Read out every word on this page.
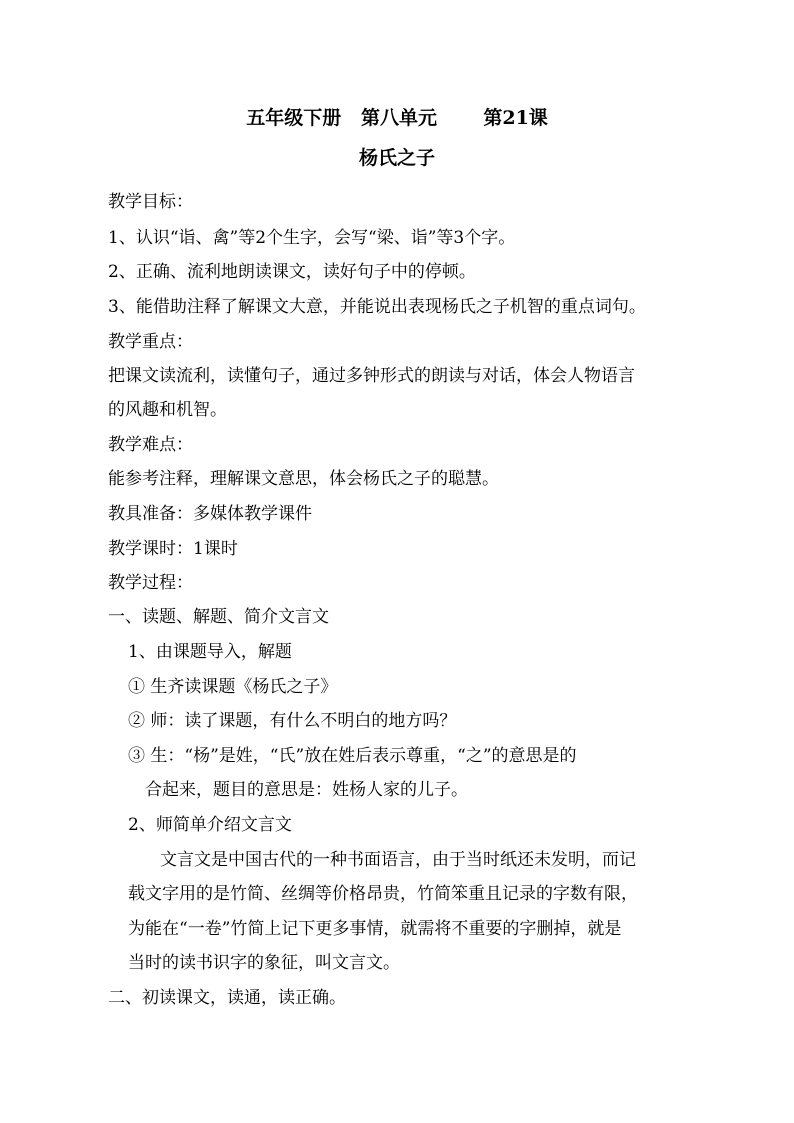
五年级下册   第八单元       第21课
杨氏之子
教学目标：
1、认识“诣、禽”等2个生字，会写“梁、诣”等3个字。
2、正确、流利地朗读课文，读好句子中的停顿。
3、能借助注释了解课文大意，并能说出表现杨氏之子机智的重点词句。
教学重点：
把课文读流利，读懂句子，通过多钟形式的朗读与对话，体会人物语言
的风趣和机智。
教学难点：
能参考注释，理解课文意思，体会杨氏之子的聪慧。
教具准备：多媒体教学课件
教学课时：1课时
教学过程：
一、读题、解题、简介文言文
1、由课题导入，解题
① 生齐读课题《杨氏之子》
② 师：读了课题，有什么不明白的地方吗？
③ 生：“杨”是姓，“氏”放在姓后表示尊重，“之”的意思是的
合起来，题目的意思是：姓杨人家的儿子。
2、师简单介绍文言文
文言文是中国古代的一种书面语言，由于当时纸还未发明，而记
载文字用的是竹简、丝绸等价格昂贵，竹简笨重且记录的字数有限，
为能在“一卷”竹简上记下更多事情，就需将不重要的字删掉，就是
当时的读书识字的象征，叫文言文。
二、初读课文，读通，读正确。
